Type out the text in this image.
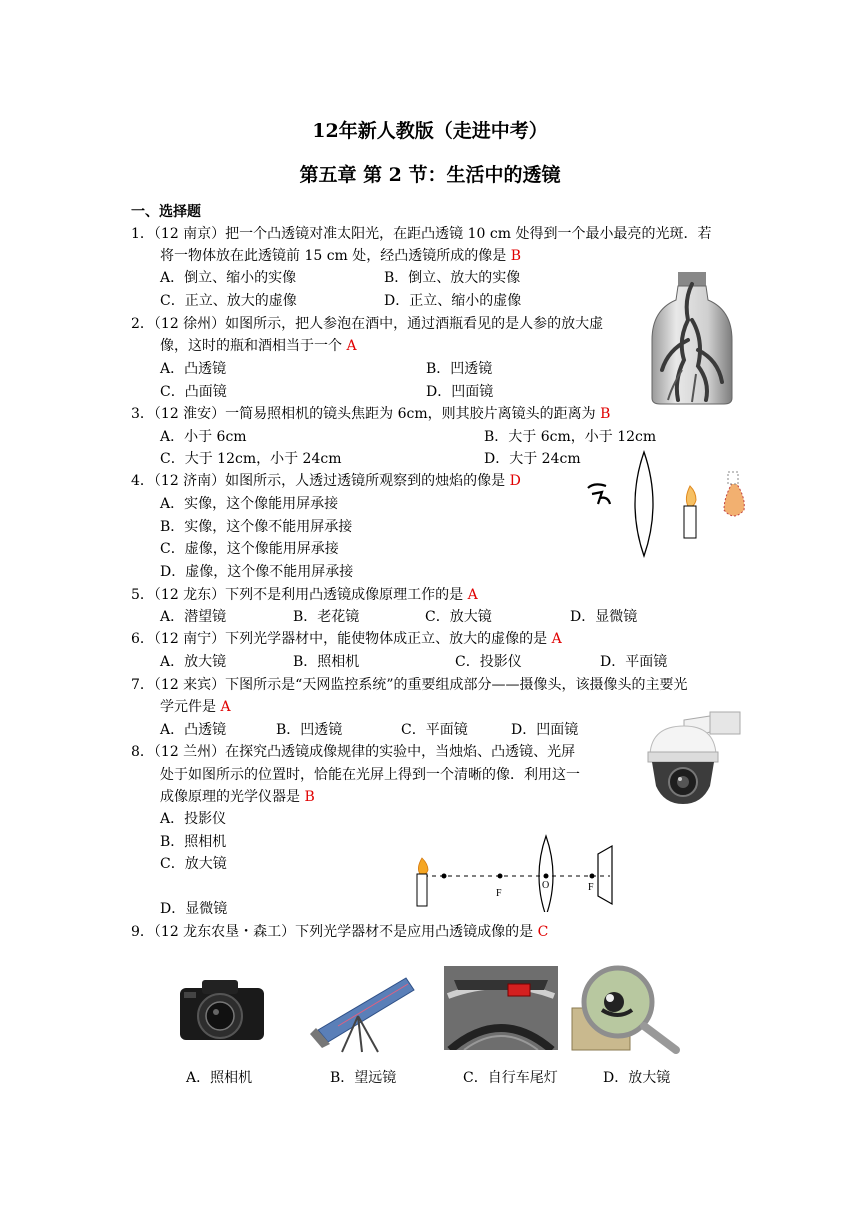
12年新人教版（走进中考）
第五章 第 2 节：生活中的透镜
一、选择题
1．（12 南京）把一个凸透镜对准太阳光，在距凸透镜 10 cm 处得到一个最小最亮的光斑．若
将一物体放在此透镜前 15 cm 处，经凸透镜所成的像是 B
A．倒立、缩小的实像	B．倒立、放大的实像
C．正立、放大的虚像	D．正立、缩小的虚像
2．（12 徐州）如图所示，把人参泡在酒中，通过酒瓶看见的是人参的放大虚
像，这时的瓶和酒相当于一个 A
A．凸透镜	B．凹透镜
C．凸面镜	D．凹面镜
3．（12 淮安）一简易照相机的镜头焦距为 6cm，则其胶片离镜头的距离为 B
A．小于 6cm	B．大于 6cm，小于 12cm
C．大于 12cm，小于 24cm	D．大于 24cm
4．（12 济南）如图所示，人透过透镜所观察到的烛焰的像是 D
A．实像，这个像能用屏承接
B．实像，这个像不能用屏承接
C．虚像，这个像能用屏承接
D．虚像，这个像不能用屏承接
5．（12 龙东）下列不是利用凸透镜成像原理工作的是 A
A．潜望镜	B．老花镜	C．放大镜	D．显微镜
6．（12 南宁）下列光学器材中，能使物体成正立、放大的虚像的是 A
A．放大镜	B．照相机	C．投影仪	D．平面镜
7．（12 来宾）下图所示是“天网监控系统”的重要组成部分——摄像头，该摄像头的主要光
学元件是 A
A．凸透镜	B．凹透镜	C．平面镜	D．凹面镜
8．（12 兰州）在探究凸透镜成像规律的实验中，当烛焰、凸透镜、光屏
处于如图所示的位置时，恰能在光屏上得到一个清晰的像．利用这一
成像原理的光学仪器是 B
A．投影仪
B．照相机
C．放大镜
D．显微镜
F
O	F
9．（12 龙东农垦・森工）下列光学器材不是应用凸透镜成像的是 C
A．照相机	B．望远镜	C．自行车尾灯	D．放大镜
